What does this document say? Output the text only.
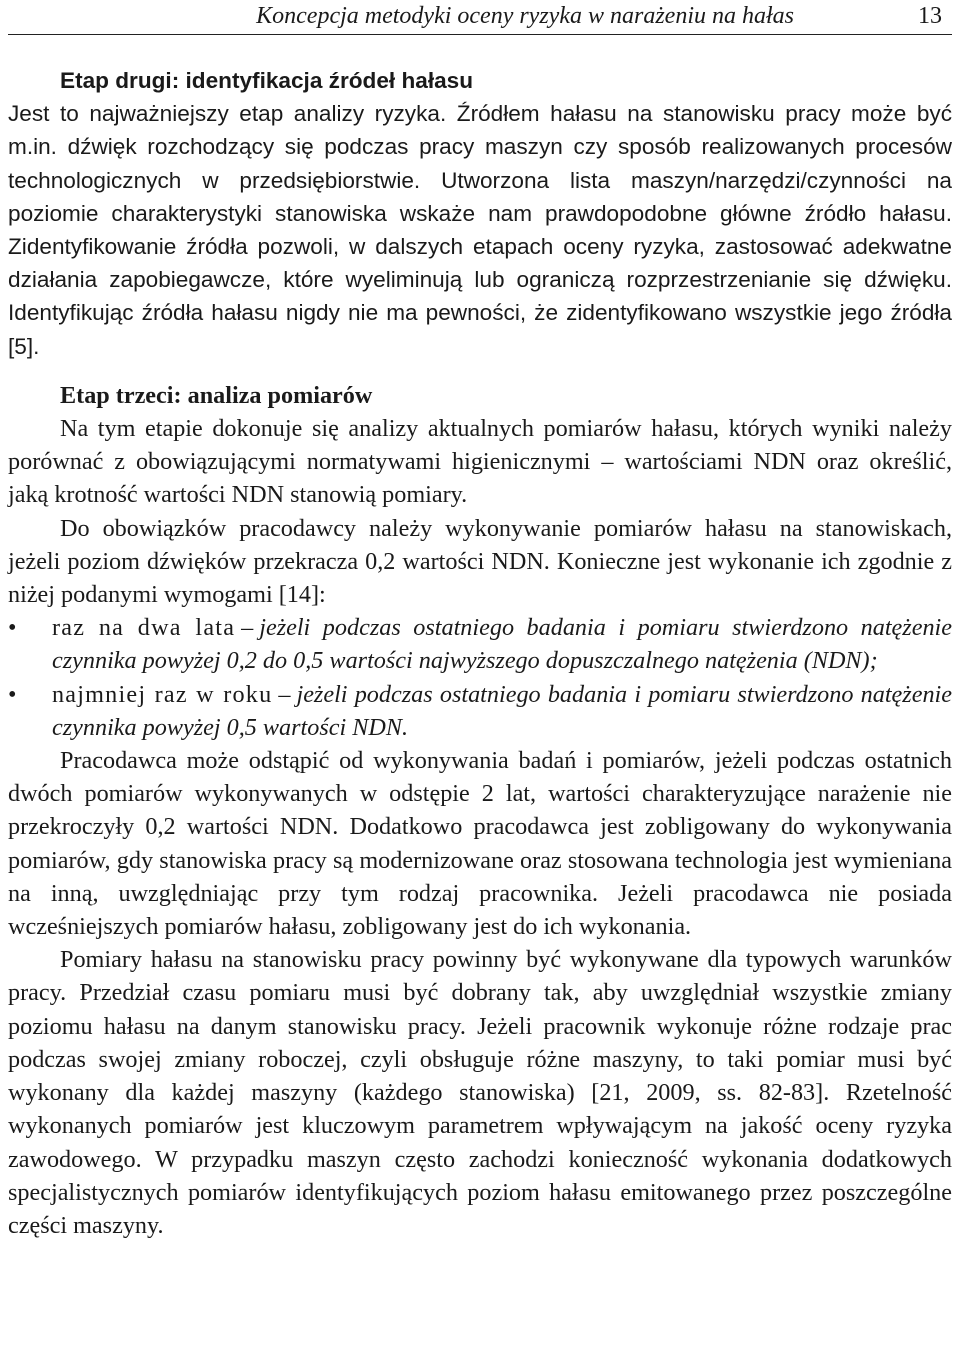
Koncepcja metodyki oceny ryzyka w narażeniu na hałas	13

Etap drugi: identyfikacja źródeł hałasu

Jest to najważniejszy etap analizy ryzyka. Źródłem hałasu na stanowisku pracy może być m.in. dźwięk rozchodzący się podczas pracy maszyn czy sposób realizowanych procesów technologicznych w przedsiębiorstwie. Utworzona lista maszyn/narzędzi/czynności na poziomie charakterystyki stanowiska wskaże nam prawdopodobne główne źródło hałasu. Zidentyfikowanie źródła pozwoli, w dalszych etapach oceny ryzyka, zastosować adekwatne działania zapobiegawcze, które wyeliminują lub ograniczą rozprzestrzenianie się dźwięku. Identyfikując źródła hałasu nigdy nie ma pewności, że zidentyfikowano wszystkie jego źródła [5].

Etap trzeci: analiza pomiarów

Na tym etapie dokonuje się analizy aktualnych pomiarów hałasu, których wyniki należy porównać z obowiązującymi normatywami higienicznymi – wartościami NDN oraz określić, jaką krotność wartości NDN stanowią pomiary.

Do obowiązków pracodawcy należy wykonywanie pomiarów hałasu na stanowiskach, jeżeli poziom dźwięków przekracza 0,2 wartości NDN. Konieczne jest wykonanie ich zgodnie z niżej podanymi wymogami [14]:

• raz na dwa lata – jeżeli podczas ostatniego badania i pomiaru stwierdzono natężenie czynnika powyżej 0,2 do 0,5 wartości najwyższego dopuszczalnego natężenia (NDN);
• najmniej raz w roku – jeżeli podczas ostatniego badania i pomiaru stwierdzono natężenie czynnika powyżej 0,5 wartości NDN.

Pracodawca może odstąpić od wykonywania badań i pomiarów, jeżeli podczas ostatnich dwóch pomiarów wykonywanych w odstępie 2 lat, wartości charakteryzujące narażenie nie przekroczyły 0,2 wartości NDN. Dodatkowo pracodawca jest zobligowany do wykonywania pomiarów, gdy stanowiska pracy są modernizowane oraz stosowana technologia jest wymieniana na inną, uwzględniając przy tym rodzaj pracownika. Jeżeli pracodawca nie posiada wcześniejszych pomiarów hałasu, zobligowany jest do ich wykonania.

Pomiary hałasu na stanowisku pracy powinny być wykonywane dla typowych warunków pracy. Przedział czasu pomiaru musi być dobrany tak, aby uwzględniał wszystkie zmiany poziomu hałasu na danym stanowisku pracy. Jeżeli pracownik wykonuje różne rodzaje prac podczas swojej zmiany roboczej, czyli obsługuje różne maszyny, to taki pomiar musi być wykonany dla każdej maszyny (każdego stanowiska) [21, 2009, ss. 82-83]. Rzetelność wykonanych pomiarów jest kluczowym parametrem wpływającym na jakość oceny ryzyka zawodowego. W przypadku maszyn często zachodzi konieczność wykonania dodatkowych specjalistycznych pomiarów identyfikujących poziom hałasu emitowanego przez poszczególne części maszyny.
